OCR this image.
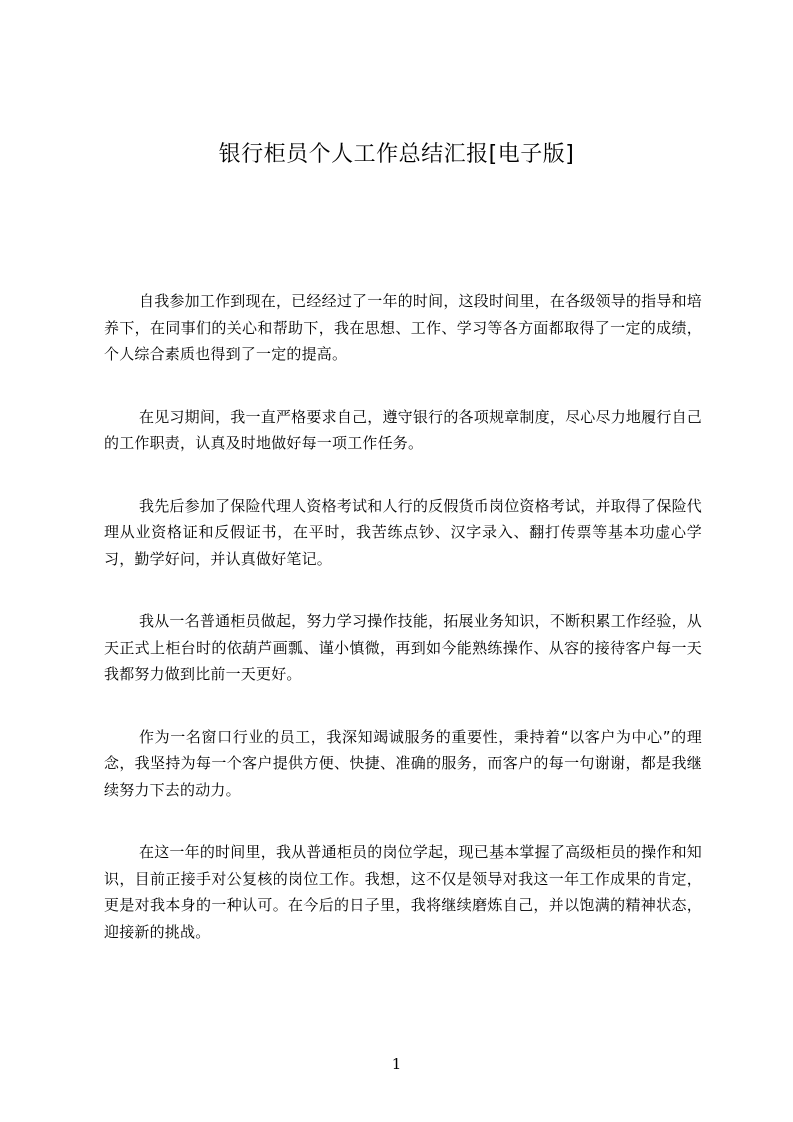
银行柜员个人工作总结汇报[电子版]

自我参加工作到现在，已经经过了一年的时间，这段时间里，在各级领导的指导和培养下，在同事们的关心和帮助下，我在思想、工作、学习等各方面都取得了一定的成绩，个人综合素质也得到了一定的提高。

在见习期间，我一直严格要求自己，遵守银行的各项规章制度，尽心尽力地履行自己的工作职责，认真及时地做好每一项工作任务。

我先后参加了保险代理人资格考试和人行的反假货币岗位资格考试，并取得了保险代理从业资格证和反假证书，在平时，我苦练点钞、汉字录入、翻打传票等基本功虚心学习，勤学好问，并认真做好笔记。

我从一名普通柜员做起，努力学习操作技能，拓展业务知识，不断积累工作经验，从天正式上柜台时的依葫芦画瓢、谨小慎微，再到如今能熟练操作、从容的接待客户每一天我都努力做到比前一天更好。

作为一名窗口行业的员工，我深知竭诚服务的重要性，秉持着“以客户为中心”的理念，我坚持为每一个客户提供方便、快捷、准确的服务，而客户的每一句谢谢，都是我继续努力下去的动力。

在这一年的时间里，我从普通柜员的岗位学起，现已基本掌握了高级柜员的操作和知识，目前正接手对公复核的岗位工作。我想，这不仅是领导对我这一年工作成果的肯定，更是对我本身的一种认可。在今后的日子里，我将继续磨炼自己，并以饱满的精神状态，迎接新的挑战。

1
